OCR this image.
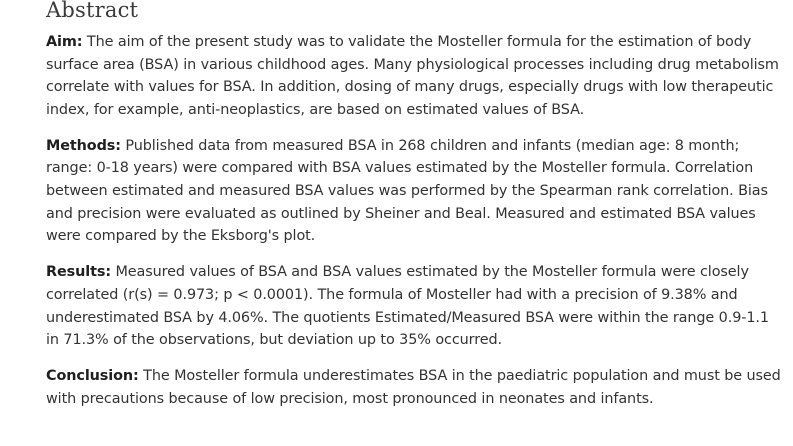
Abstract

Aim: The aim of the present study was to validate the Mosteller formula for the estimation of body surface area (BSA) in various childhood ages. Many physiological processes including drug metabolism correlate with values for BSA. In addition, dosing of many drugs, especially drugs with low therapeutic index, for example, anti-neoplastics, are based on estimated values of BSA.

Methods: Published data from measured BSA in 268 children and infants (median age: 8 month; range: 0-18 years) were compared with BSA values estimated by the Mosteller formula. Correlation between estimated and measured BSA values was performed by the Spearman rank correlation. Bias and precision were evaluated as outlined by Sheiner and Beal. Measured and estimated BSA values were compared by the Eksborg's plot.

Results: Measured values of BSA and BSA values estimated by the Mosteller formula were closely correlated (r(s) = 0.973; p < 0.0001). The formula of Mosteller had with a precision of 9.38% and underestimated BSA by 4.06%. The quotients Estimated/Measured BSA were within the range 0.9-1.1 in 71.3% of the observations, but deviation up to 35% occurred.

Conclusion: The Mosteller formula underestimates BSA in the paediatric population and must be used with precautions because of low precision, most pronounced in neonates and infants.
